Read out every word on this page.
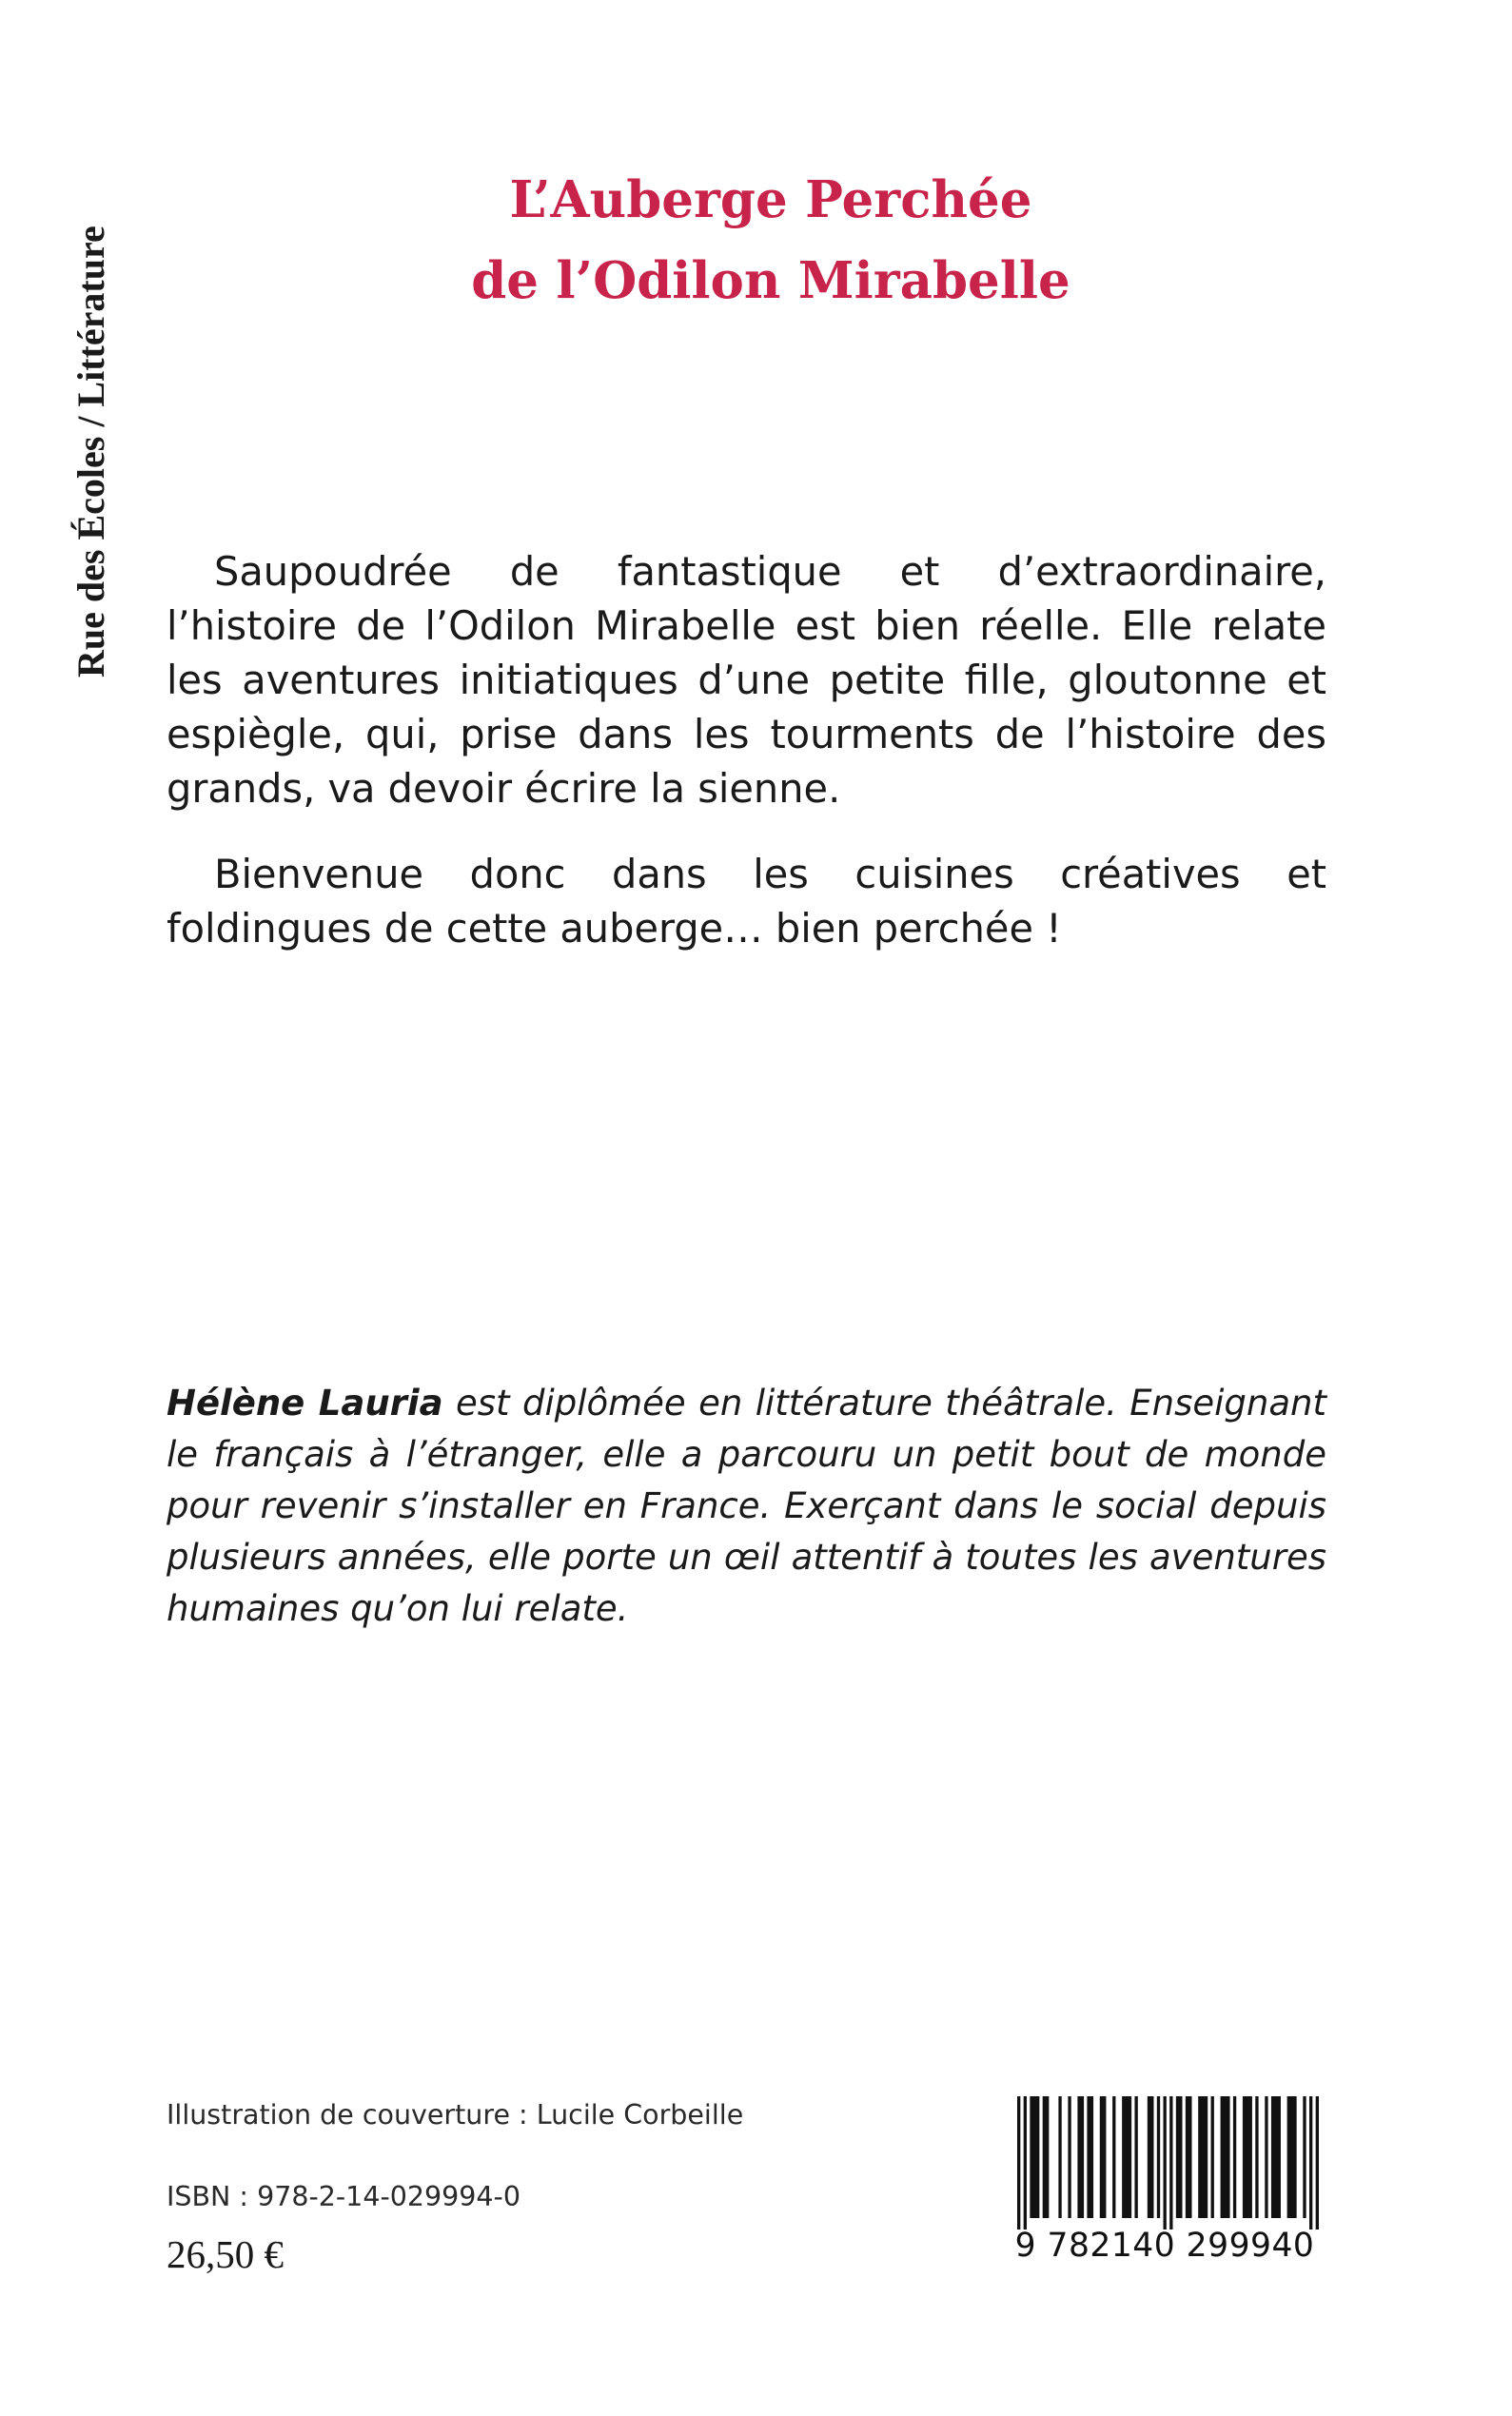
Rue des Écoles / Littérature
L’Auberge Perchée
de l’Odilon Mirabelle

Saupoudrée de fantastique et d’extraordinaire, l’histoire de l’Odilon Mirabelle est bien réelle. Elle relate les aventures initiatiques d’une petite fille, gloutonne et espiègle, qui, prise dans les tourments de l’histoire des grands, va devoir écrire la sienne.

Bienvenue donc dans les cuisines créatives et foldingues de cette auberge… bien perchée !

Hélène Lauria est diplômée en littérature théâtrale. Enseignant le français à l’étranger, elle a parcouru un petit bout de monde pour revenir s’installer en France. Exerçant dans le social depuis plusieurs années, elle porte un œil attentif à toutes les aventures humaines qu’on lui relate.
Illustration de couverture : Lucile Corbeille
ISBN : 978-2-14-029994-0
26,50 €	9 782140 299940
